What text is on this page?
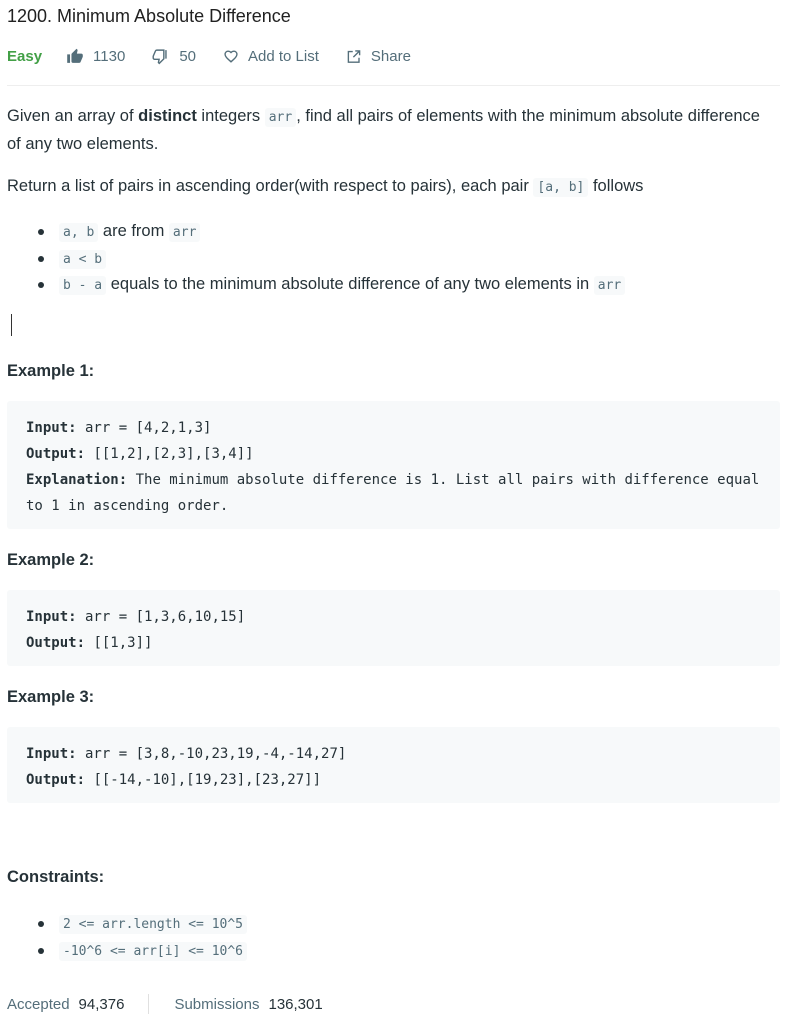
1200. Minimum Absolute Difference
Easy	1130	50	Add to List	Share
Given an array of distinct integers arr , find all pairs of elements with the minimum absolute difference of any two elements.
Return a list of pairs in ascending order(with respect to pairs), each pair [a, b] follows
a, b are from arr
a < b
b - a equals to the minimum absolute difference of any two elements in arr
Example 1:
Input: arr = [4,2,1,3]
Output: [[1,2],[2,3],[3,4]]
Explanation: The minimum absolute difference is 1. List all pairs with difference equal to 1 in ascending order.
Example 2:
Input: arr = [1,3,6,10,15]
Output: [[1,3]]
Example 3:
Input: arr = [3,8,-10,23,19,-4,-14,27]
Output: [[-14,-10],[19,23],[23,27]]
Constraints:
2 <= arr.length <= 10^5
-10^6 <= arr[i] <= 10^6
Accepted 94,376	Submissions 136,301
